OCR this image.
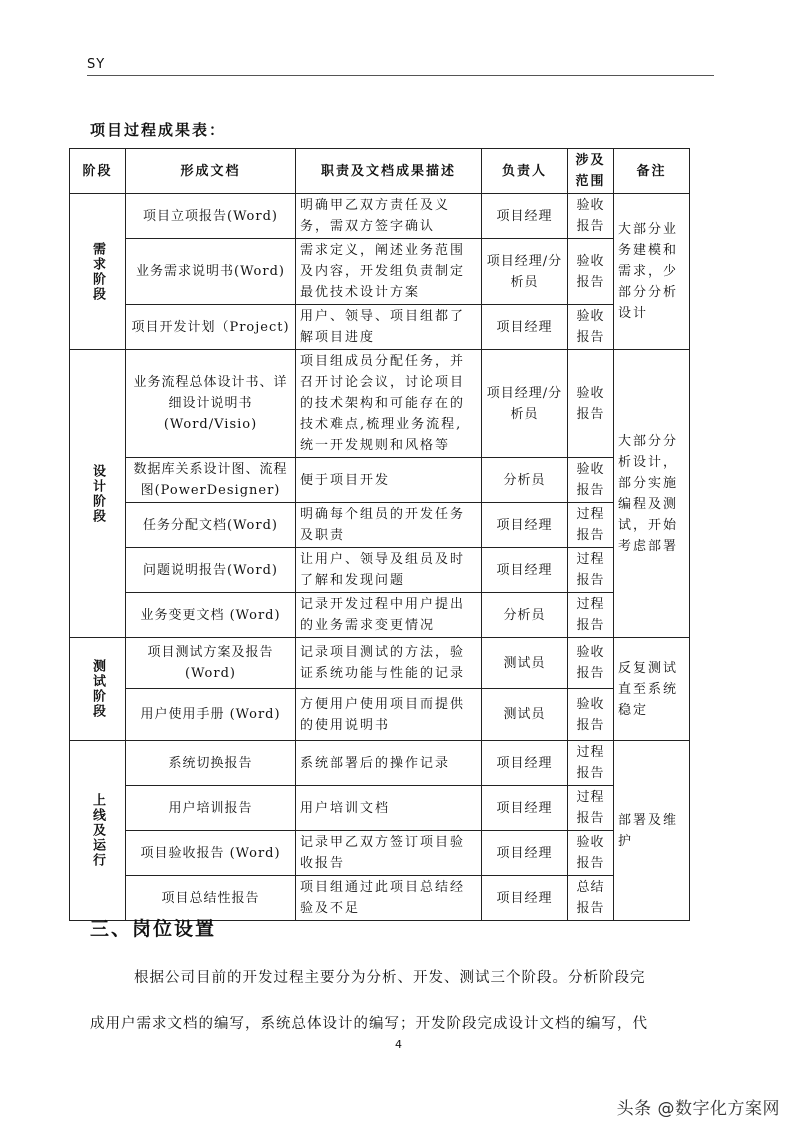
SY
项目过程成果表：
阶段	形成文档	职责及文档成果描述	负责人	涉及范围	备注
需求阶段	项目立项报告(Word)	明确甲乙双方责任及义务，需双方签字确认	项目经理	验收报告	大部分业务建模和需求，少部分分析设计
	业务需求说明书(Word)	需求定义，阐述业务范围及内容，开发组负责制定最优技术设计方案	项目经理/分析员	验收报告	
	项目开发计划（Project)	用户、领导、项目组都了解项目进度	项目经理	验收报告	
设计阶段	业务流程总体设计书、详细设计说明书(Word/Visio)	项目组成员分配任务，并召开讨论会议，讨论项目的技术架构和可能存在的技术难点,梳理业务流程,统一开发规则和风格等	项目经理/分析员	验收报告	大部分分析设计，部分实施编程及测试，开始考虑部署
	数据库关系设计图、流程图(PowerDesigner)	便于项目开发	分析员	验收报告	
	任务分配文档(Word)	明确每个组员的开发任务及职责	项目经理	过程报告	
	问题说明报告(Word)	让用户、领导及组员及时了解和发现问题	项目经理	过程报告	
	业务变更文档 (Word)	记录开发过程中用户提出的业务需求变更情况	分析员	过程报告	
测试阶段	项目测试方案及报告(Word)	记录项目测试的方法，验证系统功能与性能的记录	测试员	验收报告	反复测试直至系统稳定
	用户使用手册 (Word)	方便用户使用项目而提供的使用说明书	测试员	验收报告	
上线及运行	系统切换报告	系统部署后的操作记录	项目经理	过程报告	部署及维护
	用户培训报告	用户培训文档	项目经理	过程报告	
	项目验收报告 (Word)	记录甲乙双方签订项目验收报告	项目经理	验收报告	
	项目总结性报告	项目组通过此项目总结经验及不足	项目经理	总结报告	
三、岗位设置
根据公司目前的开发过程主要分为分析、开发、测试三个阶段。分析阶段完
成用户需求文档的编写，系统总体设计的编写；开发阶段完成设计文档的编写，代
4
头条 @数字化方案网
